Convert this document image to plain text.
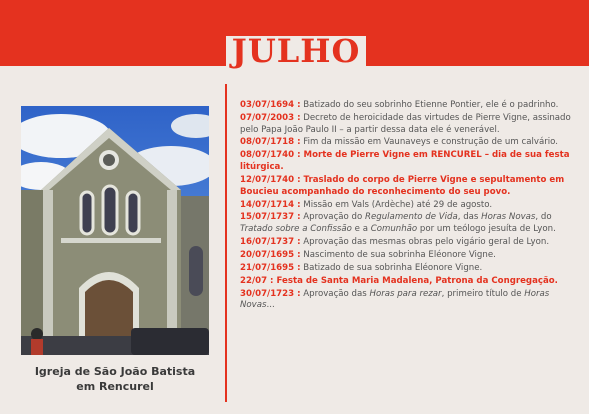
JULHO
Igreja de São João Batista
em Rencurel
03/07/1694 : Batizado do seu sobrinho Etienne Pontier, ele é o padrinho.
07/07/2003 : Decreto de heroicidade das virtudes de Pierre Vigne, assinado pelo Papa João Paulo II – a partir dessa data ele é venerável.
08/07/1718 : Fim da missão em Vaunaveys e construção de um calvário.
08/07/1740 : Morte de Pierre Vigne em RENCUREL – dia de sua festa litúrgica.
12/07/1740 : Traslado do corpo de Pierre Vigne e sepultamento em Boucieu acompanhado do reconhecimento do seu povo.
14/07/1714 : Missão em Vals (Ardèche) até 29 de agosto.
15/07/1737 : Aprovação do Regulamento de Vida, das Horas Novas, do Tratado sobre a Confissão e a Comunhão por um teólogo jesuíta de Lyon.
16/07/1737 : Aprovação das mesmas obras pelo vigário geral de Lyon.
20/07/1695 : Nascimento de sua sobrinha Eléonore Vigne.
21/07/1695 : Batizado de sua sobrinha Eléonore Vigne.
22/07 : Festa de Santa Maria Madalena, Patrona da Congregação.
30/07/1723 : Aprovação das Horas para rezar, primeiro título de Horas Novas...
